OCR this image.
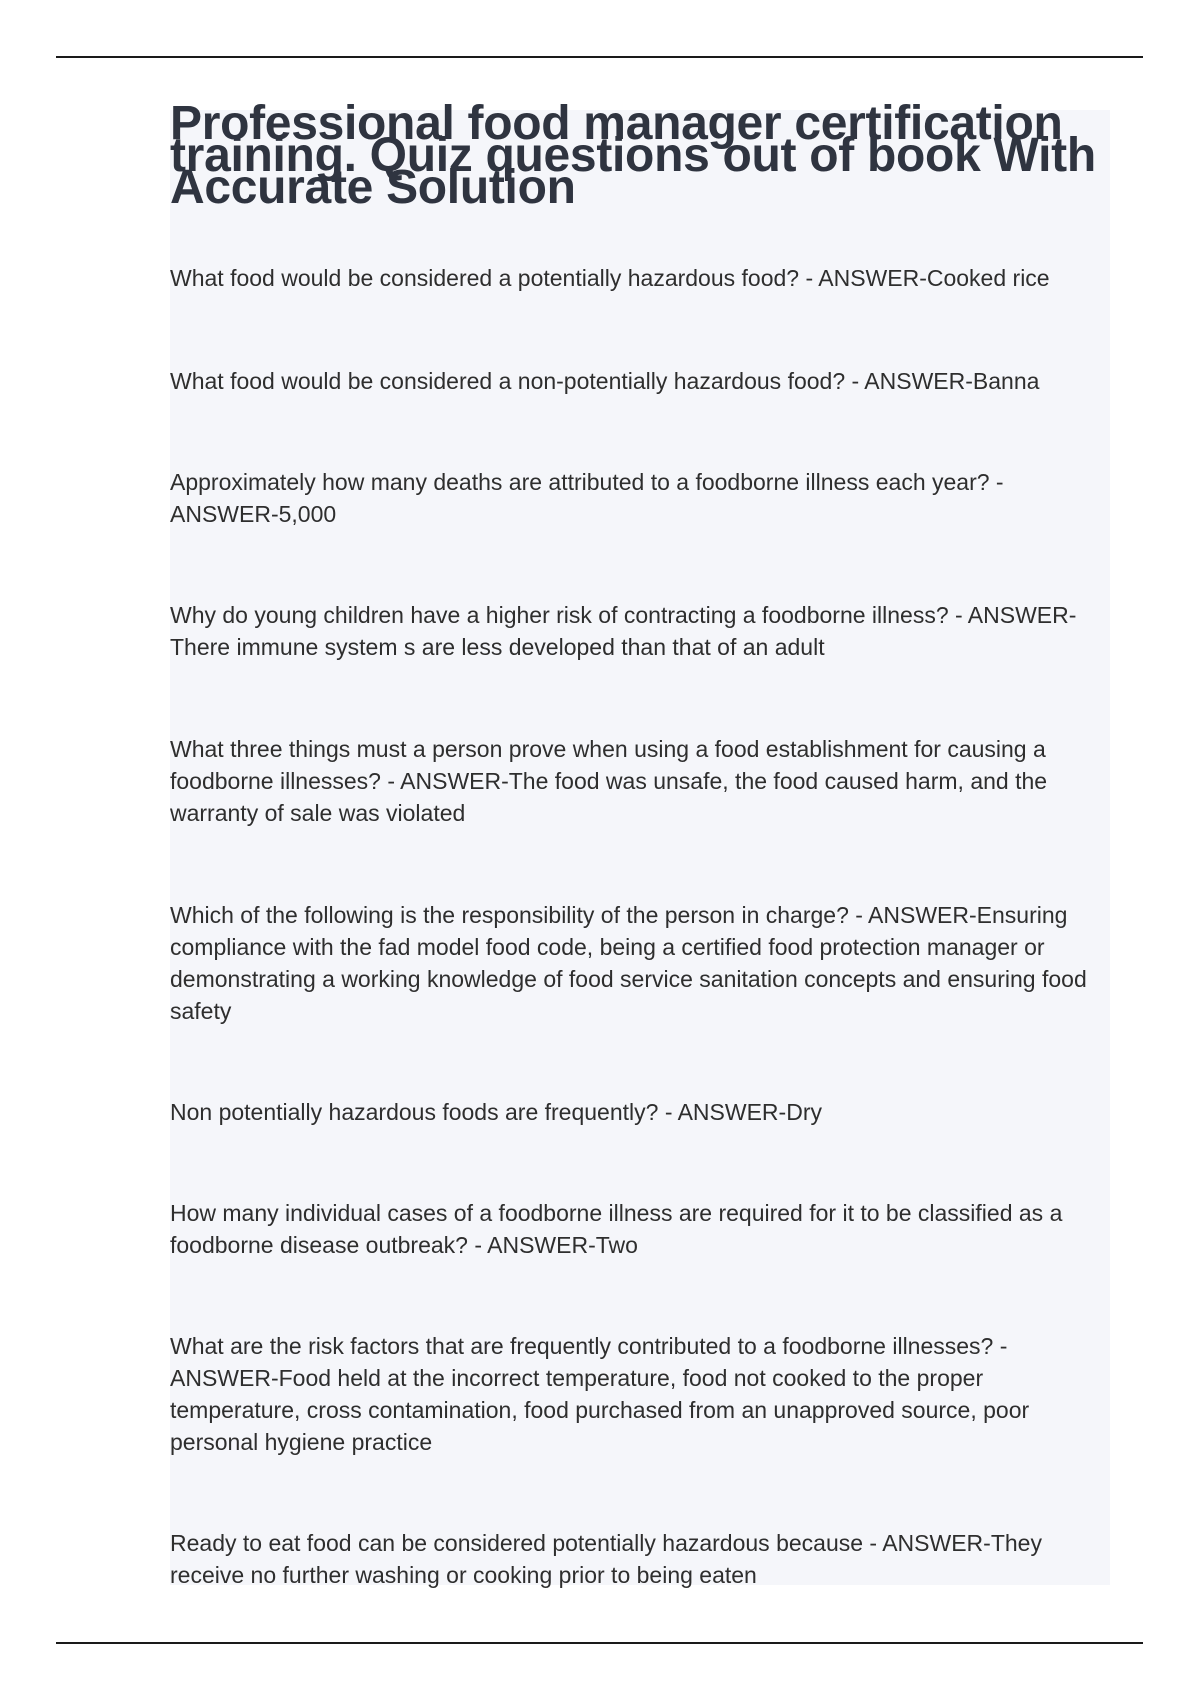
Professional food manager certification training. Quiz questions out of book With Accurate Solution

What food would be considered a potentially hazardous food? - ANSWER-Cooked rice

What food would be considered a non-potentially hazardous food? - ANSWER-Banna

Approximately how many deaths are attributed to a foodborne illness each year? - ANSWER-5,000

Why do young children have a higher risk of contracting a foodborne illness? - ANSWER-There immune system s are less developed than that of an adult

What three things must a person prove when using a food establishment for causing a foodborne illnesses? - ANSWER-The food was unsafe, the food caused harm, and the warranty of sale was violated

Which of the following is the responsibility of the person in charge? - ANSWER-Ensuring compliance with the fad model food code, being a certified food protection manager or demonstrating a working knowledge of food service sanitation concepts and ensuring food safety

Non potentially hazardous foods are frequently? - ANSWER-Dry

How many individual cases of a foodborne illness are required for it to be classified as a foodborne disease outbreak? - ANSWER-Two

What are the risk factors that are frequently contributed to a foodborne illnesses? - ANSWER-Food held at the incorrect temperature, food not cooked to the proper temperature, cross contamination, food purchased from an unapproved source, poor personal hygiene practice

Ready to eat food can be considered potentially hazardous because - ANSWER-They receive no further washing or cooking prior to being eaten
